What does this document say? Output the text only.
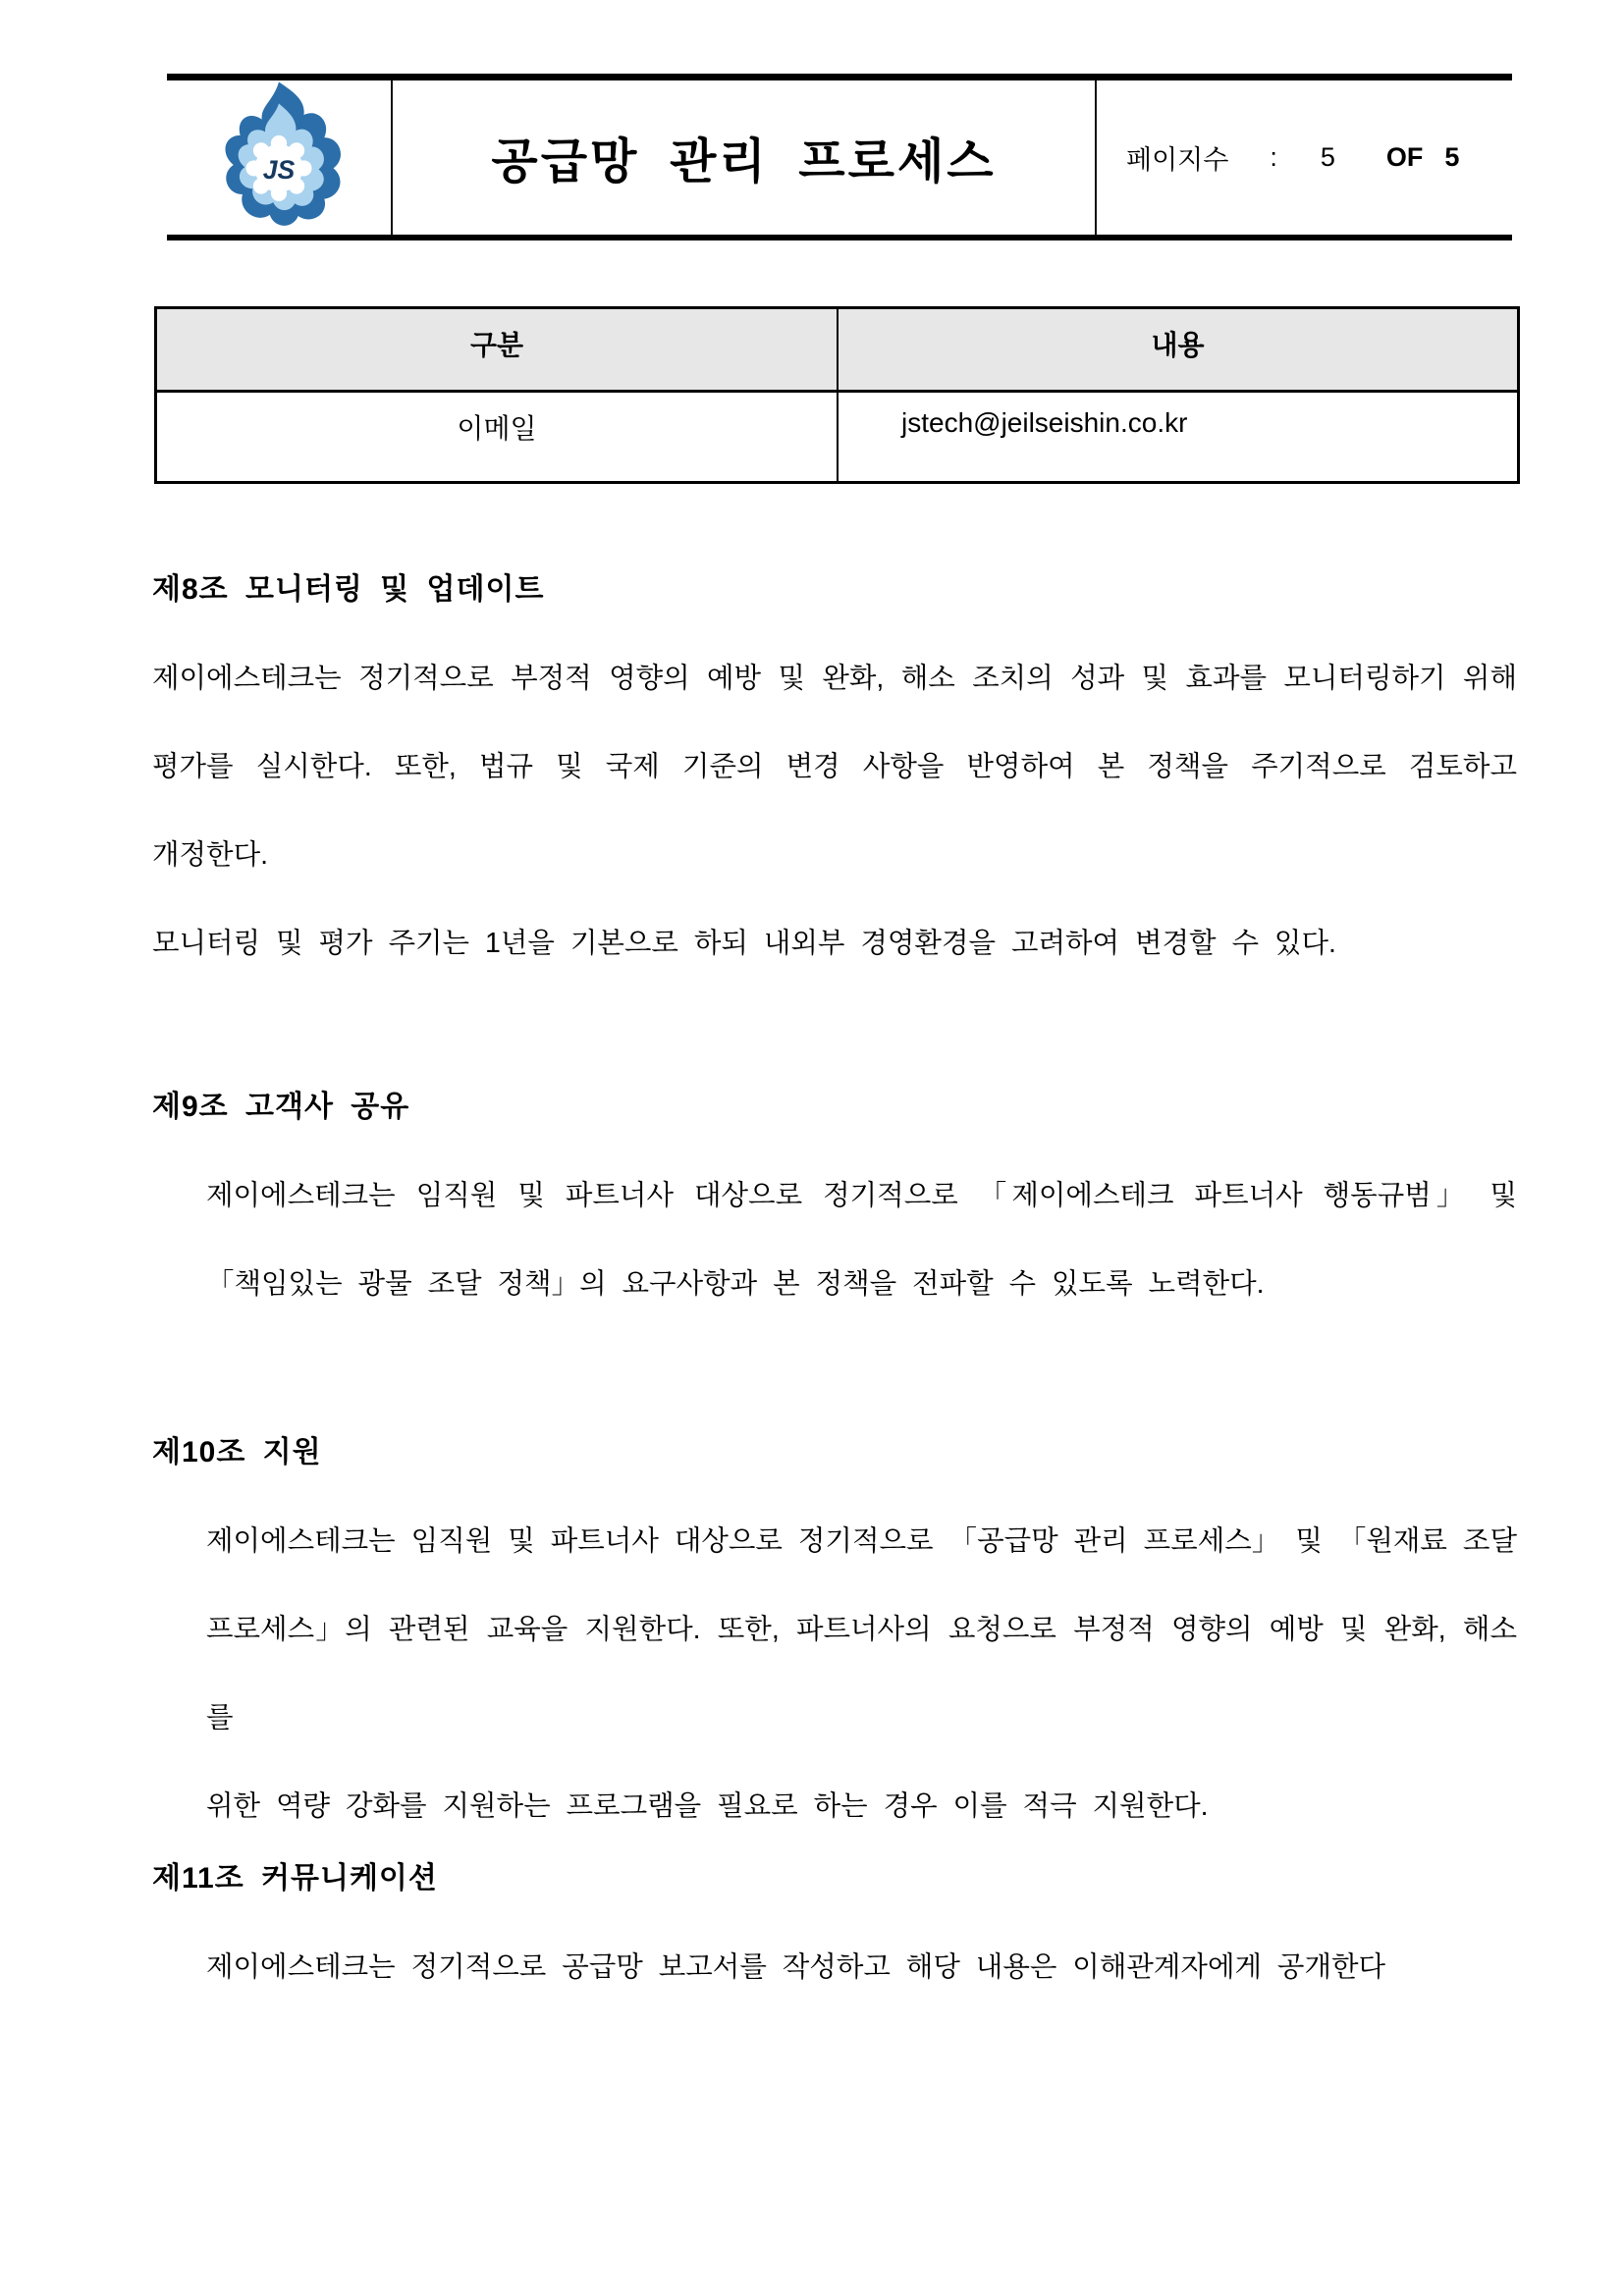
JS	공급망 관리 프로세스	페이지수 : 5 OF 5
구분	내용
이메일	jstech@jeilseishin.co.kr
제8조 모니터링 및 업데이트
제이에스테크는 정기적으로 부정적 영향의 예방 및 완화, 해소 조치의 성과 및 효과를 모니터링하기 위해
평가를 실시한다. 또한, 법규 및 국제 기준의 변경 사항을 반영하여 본 정책을 주기적으로 검토하고
개정한다.
모니터링 및 평가 주기는 1년을 기본으로 하되 내외부 경영환경을 고려하여 변경할 수 있다.
제9조 고객사 공유
제이에스테크는 임직원 및 파트너사 대상으로 정기적으로 「제이에스테크 파트너사 행동규범」 및
「책임있는 광물 조달 정책」의 요구사항과 본 정책을 전파할 수 있도록 노력한다.
제10조 지원
제이에스테크는 임직원 및 파트너사 대상으로 정기적으로 「공급망 관리 프로세스」 및 「원재료 조달
프로세스」의 관련된 교육을 지원한다. 또한, 파트너사의 요청으로 부정적 영향의 예방 및 완화, 해소를
위한 역량 강화를 지원하는 프로그램을 필요로 하는 경우 이를 적극 지원한다.
제11조 커뮤니케이션
제이에스테크는 정기적으로 공급망 보고서를 작성하고 해당 내용은 이해관계자에게 공개한다
